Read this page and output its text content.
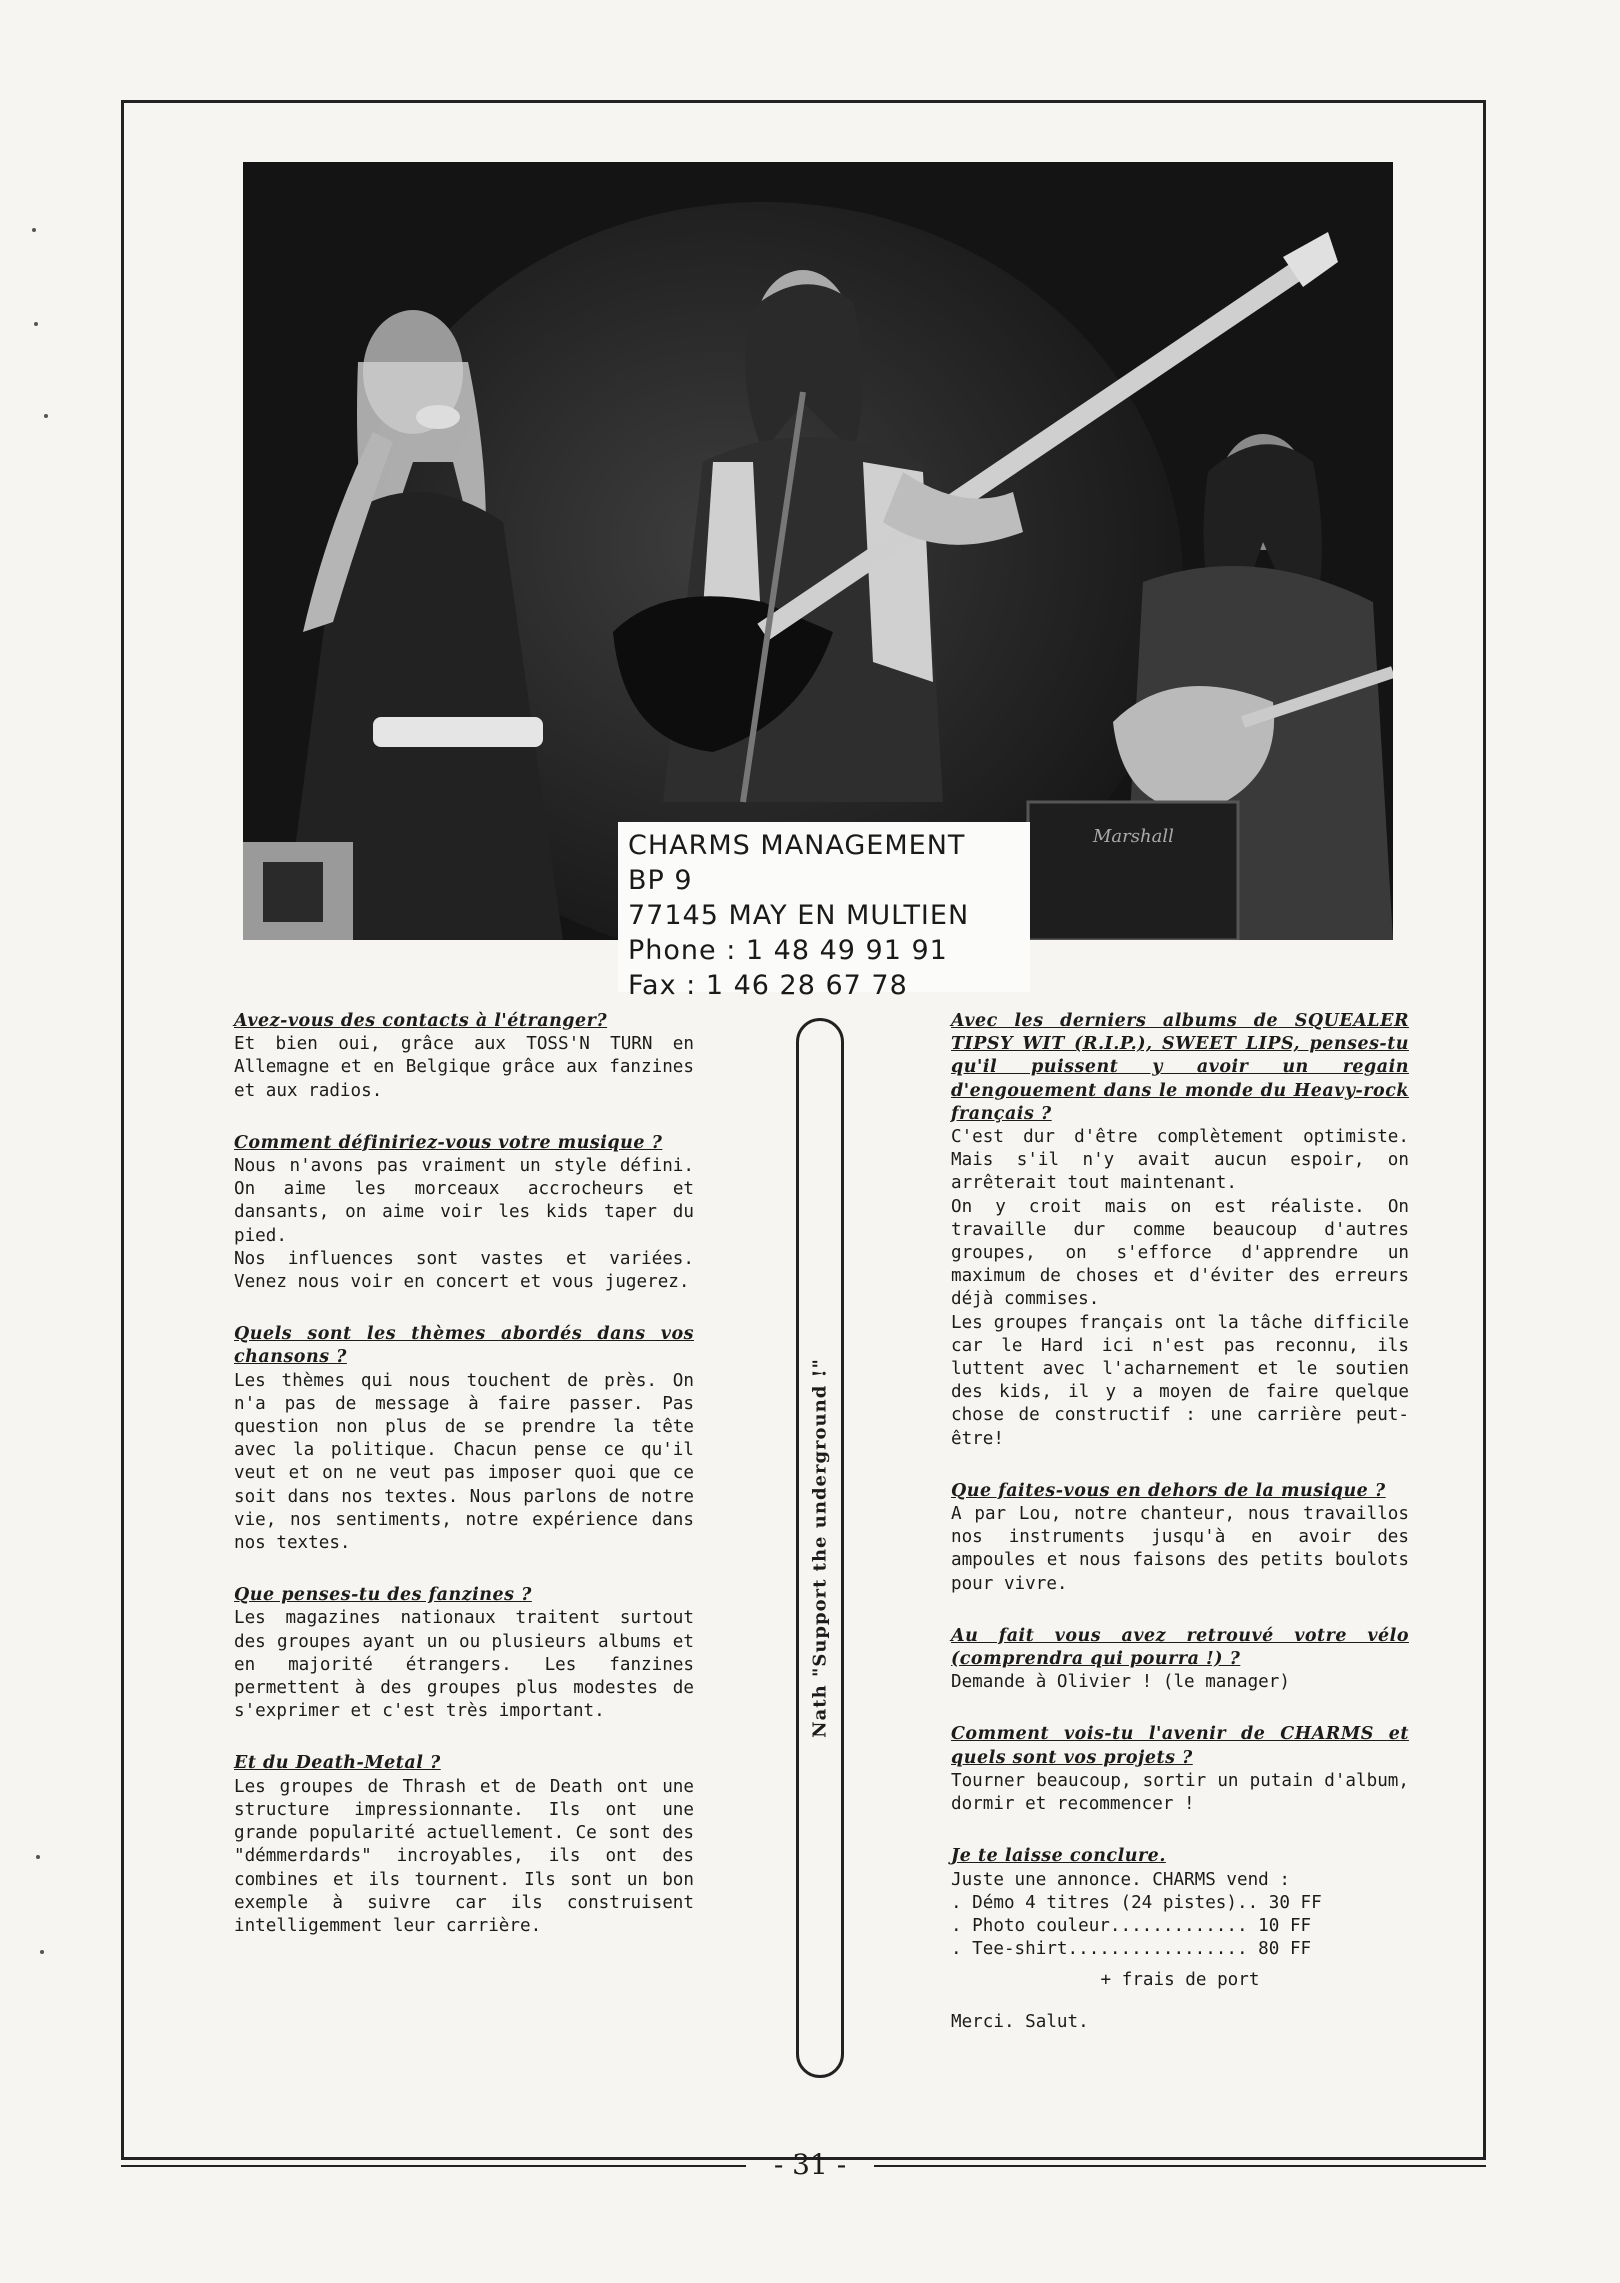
Marshall
CHARMS MANAGEMENT
BP 9
77145 MAY EN MULTIEN
Phone : 1 48 49 91 91
Fax : 1 46 28 67 78
Avez-vous des contacts à l'étranger?
Et bien oui, grâce aux TOSS'N TURN en Allemagne et en Belgique grâce aux fanzines et aux radios.
Comment définiriez-vous votre musique ?
Nous n'avons pas vraiment un style défini. On aime les morceaux accrocheurs et dansants, on aime voir les kids taper du pied.
Nos influences sont vastes et variées. Venez nous voir en concert et vous jugerez.
Quels sont les thèmes abordés dans vos chansons ?
Les thèmes qui nous touchent de près. On n'a pas de message à faire passer. Pas question non plus de se prendre la tête avec la politique. Chacun pense ce qu'il veut et on ne veut pas imposer quoi que ce soit dans nos textes. Nous parlons de notre vie, nos sentiments, notre expérience dans nos textes.
Que penses-tu des fanzines ?
Les magazines nationaux traitent surtout des groupes ayant un ou plusieurs albums et en majorité étrangers. Les fanzines permettent à des groupes plus modestes de s'exprimer et c'est très important.
Et du Death-Metal ?
Les groupes de Thrash et de Death ont une structure impressionnante. Ils ont une grande popularité actuellement. Ce sont des "démmerdards" incroyables, ils ont des combines et ils tournent. Ils sont un bon exemple à suivre car ils construisent intelligemment leur carrière.
Nath "Support the underground !"
Avec les derniers albums de SQUEALER TIPSY WIT (R.I.P.), SWEET LIPS, penses-tu qu'il puissent y avoir un regain d'engouement dans le monde du Heavy-rock français ?
C'est dur d'être complètement optimiste. Mais s'il n'y avait aucun espoir, on arrêterait tout maintenant.
On y croit mais on est réaliste. On travaille dur comme beaucoup d'autres groupes, on s'efforce d'apprendre un maximum de choses et d'éviter des erreurs déjà commises.
Les groupes français ont la tâche difficile car le Hard ici n'est pas reconnu, ils luttent avec l'acharnement et le soutien des kids, il y a moyen de faire quelque chose de constructif : une carrière peut-être!
Que faites-vous en dehors de la musique ?
A par Lou, notre chanteur, nous travaillos nos instruments jusqu'à en avoir des ampoules et nous faisons des petits boulots pour vivre.
Au fait vous avez retrouvé votre vélo (comprendra qui pourra !) ?
Demande à Olivier ! (le manager)
Comment vois-tu l'avenir de CHARMS et quels sont vos projets ?
Tourner beaucoup, sortir un putain d'album, dormir et recommencer !
Je te laisse conclure.
Juste une annonce. CHARMS vend :
. Démo 4 titres (24 pistes).. 30 FF
. Photo couleur............. 10 FF
. Tee-shirt................. 80 FF
+ frais de port
Merci. Salut.
- 31 -
